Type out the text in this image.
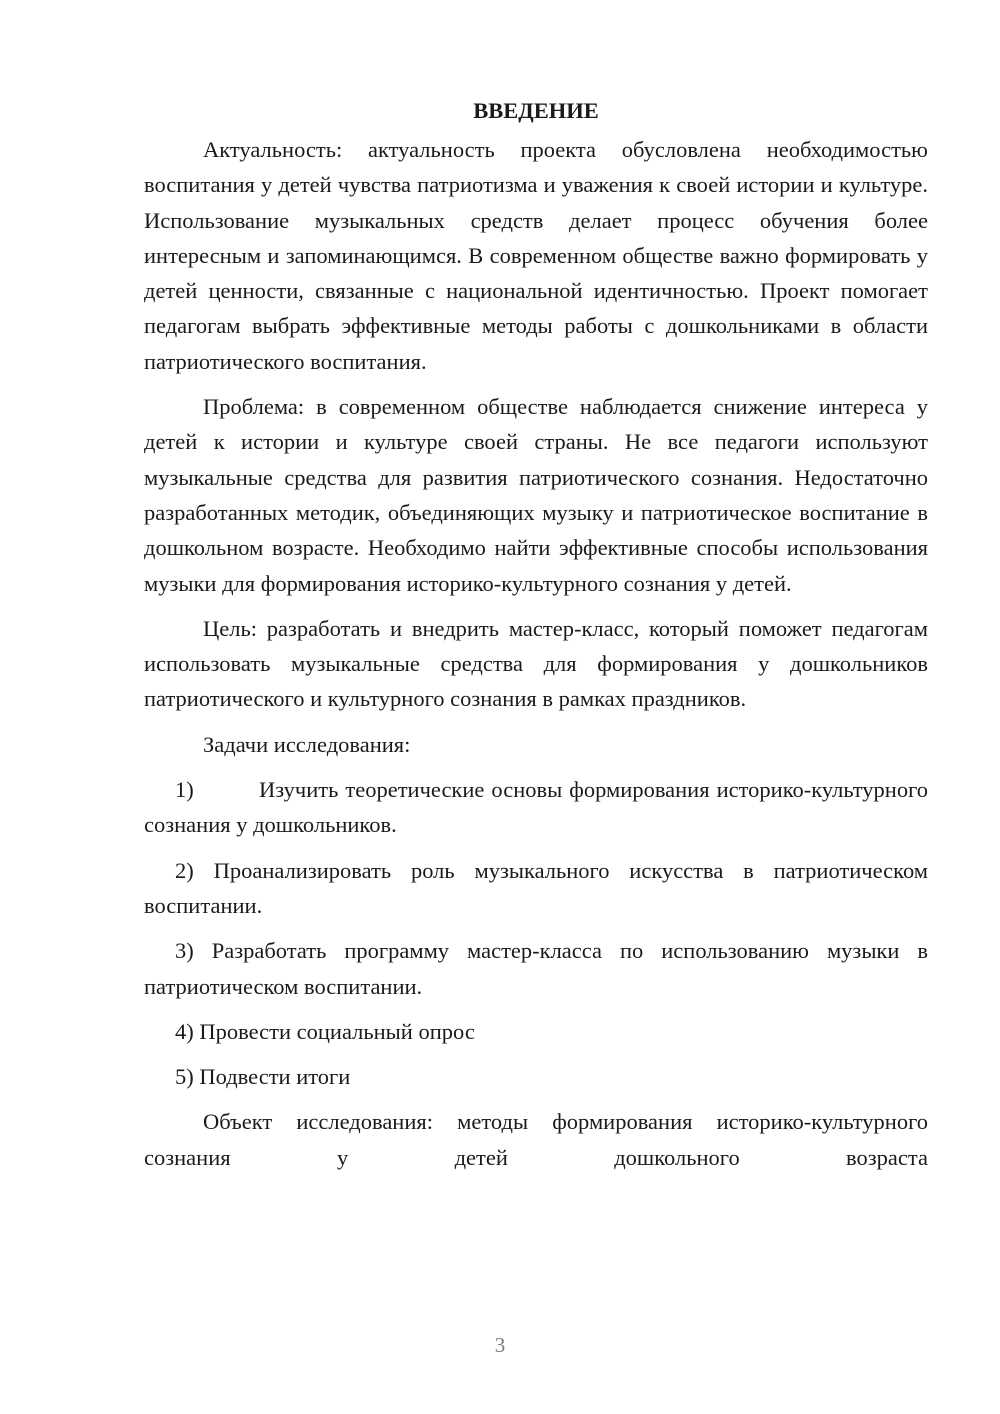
ВВЕДЕНИЕ

Актуальность: актуальность проекта обусловлена необходимостью воспитания у детей чувства патриотизма и уважения к своей истории и культуре. Использование музыкальных средств делает процесс обучения более интересным и запоминающимся. В современном обществе важно формировать у детей ценности, связанные с национальной идентичностью. Проект помогает педагогам выбрать эффективные методы работы с дошкольниками в области патриотического воспитания.

Проблема: в современном обществе наблюдается снижение интереса у детей к истории и культуре своей страны. Не все педагоги используют музыкальные средства для развития патриотического сознания. Недостаточно разработанных методик, объединяющих музыку и патриотическое воспитание в дошкольном возрасте. Необходимо найти эффективные способы использования музыки для формирования историко-культурного сознания у детей.

Цель: разработать и внедрить мастер-класс, который поможет педагогам использовать музыкальные средства для формирования у дошкольников патриотического и культурного сознания в рамках праздников.

Задачи исследования:

1)	Изучить теоретические основы формирования историко-культурного сознания у дошкольников.

2) Проанализировать роль музыкального искусства в патриотическом воспитании.

3) Разработать программу мастер-класса по использованию музыки в патриотическом воспитании.

4) Провести социальный опрос

5) Подвести итоги

Объект исследования: методы формирования историко-культурного сознания у детей дошкольного возраста

3
